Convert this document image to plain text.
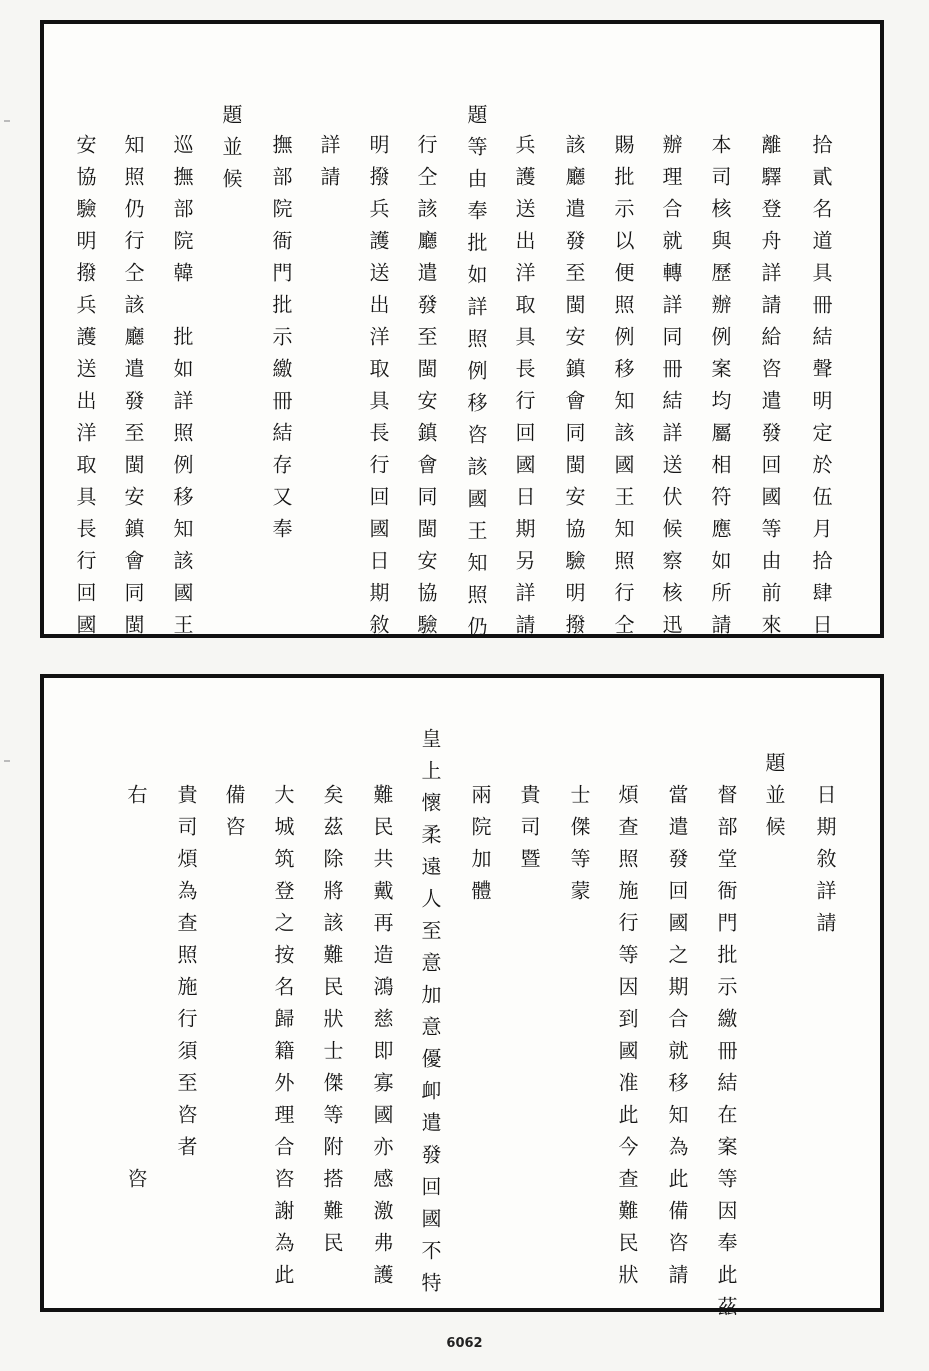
拾貳名道具冊結聲明定於伍月拾肆日
離驛登舟詳請給咨遣發回國等由前來
本司核與歷辦例案均屬相符應如所請
辦理合就轉詳同冊結詳送伏候察核迅
賜批示以便照例移知該國王知照行仝
該廳遣發至閩安鎮會同閩安協驗明撥
兵護送出洋取具長行回國日期另詳請
題等由奉批如詳照例移咨該國王知照仍
行仝該廳遣發至閩安鎮會同閩安協驗
明撥兵護送出洋取具長行回國日期敘
詳請
撫部院衙門批示繳冊結存又奉
題並候
巡撫部院韓　批如詳照例移知該國王
知照仍行仝該廳遣發至閩安鎮會同閩
安協驗明撥兵護送出洋取具長行回國
日期敘詳請
題並候
督部堂衙門批示繳冊結在案等因奉此茲
當遣發回國之期合就移知為此備咨請
煩查照施行等因到國准此今查難民狀
士傑等蒙
貴司暨
兩院加體
皇上懷柔遠人至意加意優卹遣發回國不特
難民共戴再造鴻慈即寡國亦感激弗護
矣茲除將該難民狀士傑等附搭難民
大城筑登之按名歸籍外理合咨謝為此
備咨
貴司煩為查照施行須至咨者
右　　　　　　　　　　　咨
6062
